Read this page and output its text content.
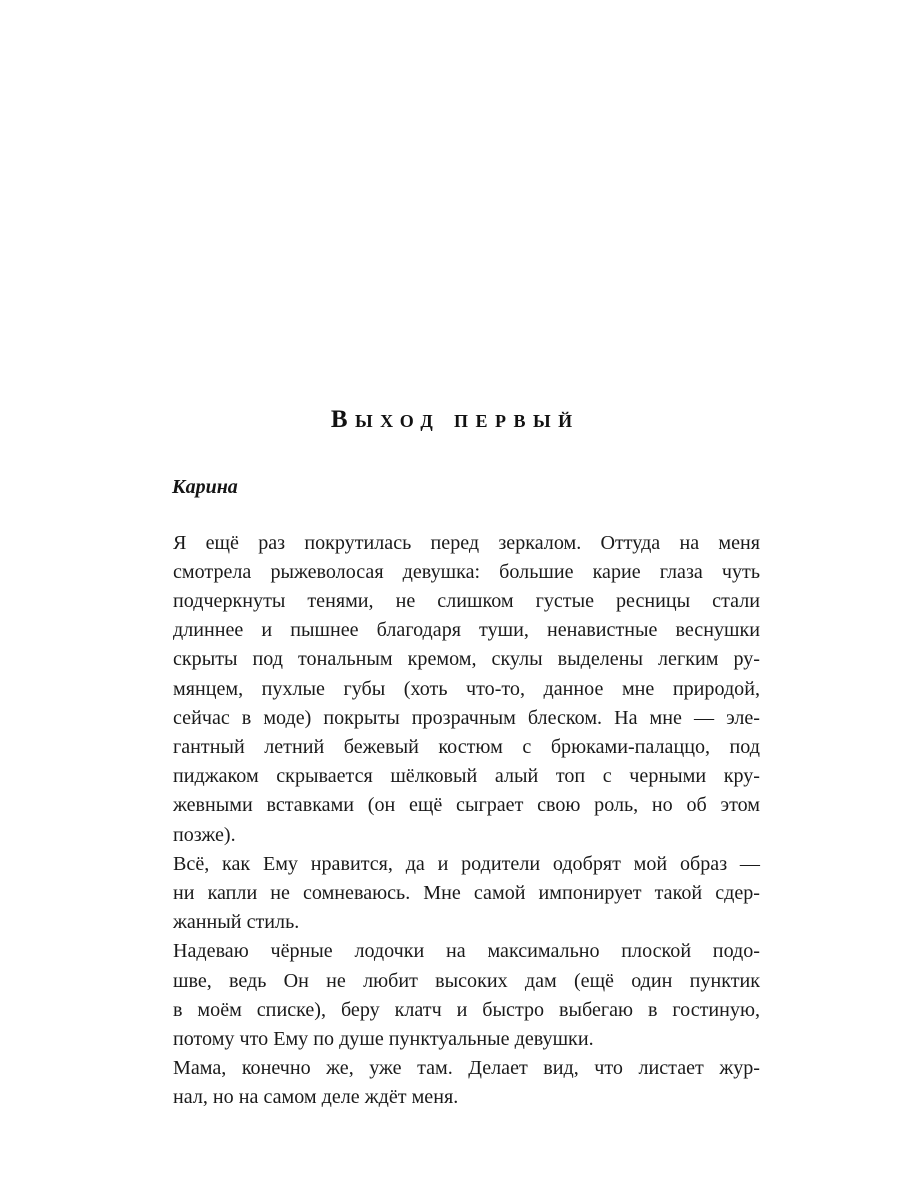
Выход первый

Карина

Я ещё раз покрутилась перед зеркалом. Оттуда на меня
смотрела рыжеволосая девушка: большие карие глаза чуть
подчеркнуты тенями, не слишком густые ресницы стали
длиннее и пышнее благодаря туши, ненавистные веснушки
скрыты под тональным кремом, скулы выделены легким ру-
мянцем, пухлые губы (хоть что-то, данное мне природой,
сейчас в моде) покрыты прозрачным блеском. На мне — эле-
гантный летний бежевый костюм с брюками-палаццо, под
пиджаком скрывается шёлковый алый топ с черными кру-
жевными вставками (он ещё сыграет свою роль, но об этом
позже).

Всё, как Ему нравится, да и родители одобрят мой образ —
ни капли не сомневаюсь. Мне самой импонирует такой сдер-
жанный стиль.

Надеваю чёрные лодочки на максимально плоской подо-
шве, ведь Он не любит высоких дам (ещё один пунктик
в моём списке), беру клатч и быстро выбегаю в гостиную,
потому что Ему по душе пунктуальные девушки.

Мама, конечно же, уже там. Делает вид, что листает жур-
нал, но на самом деле ждёт меня.
